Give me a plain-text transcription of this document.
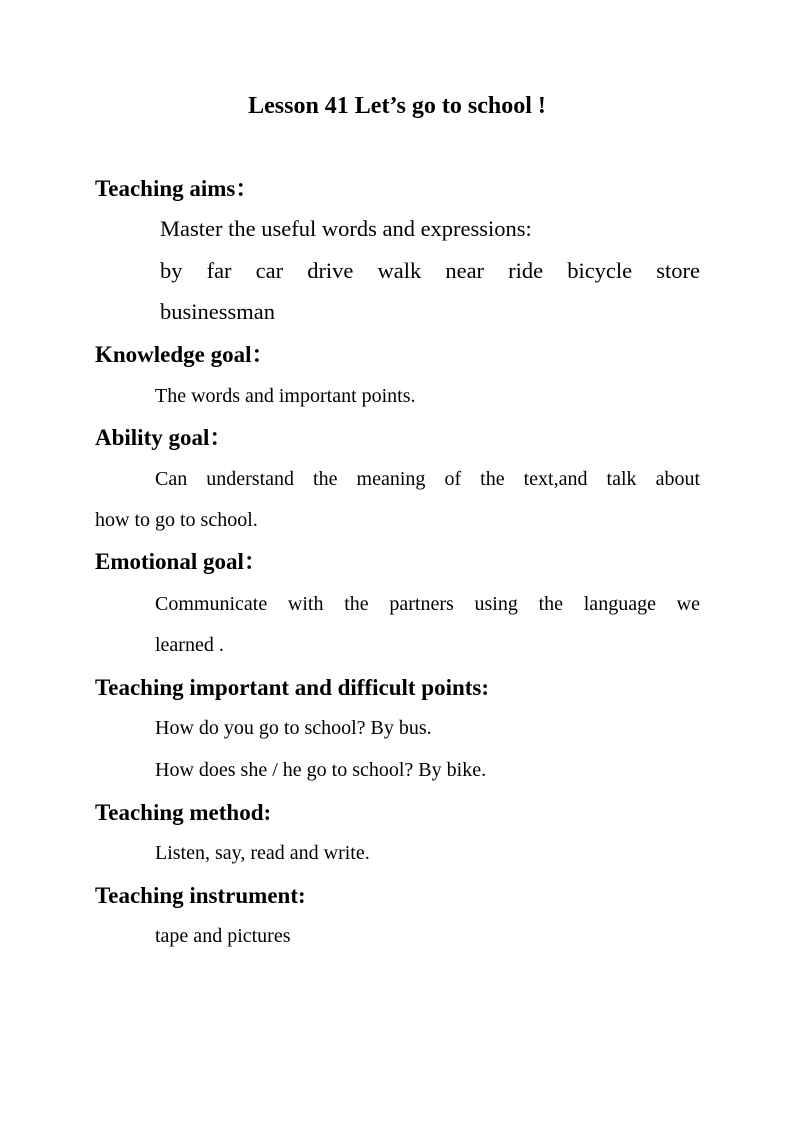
Lesson 41 Let’s go to school !
Teaching aims：
Master the useful words and expressions:
by far car drive walk near ride bicycle store
businessman
Knowledge goal：
The words and important points.
Ability goal：
Can understand the meaning of the text,and talk about
how to go to school.
Emotional goal：
Communicate with the partners using the language we
learned .
Teaching important and difficult points:
How do you go to school? By bus.
How does she / he go to school? By bike.
Teaching method:
Listen, say, read and write.
Teaching instrument:
tape and pictures
